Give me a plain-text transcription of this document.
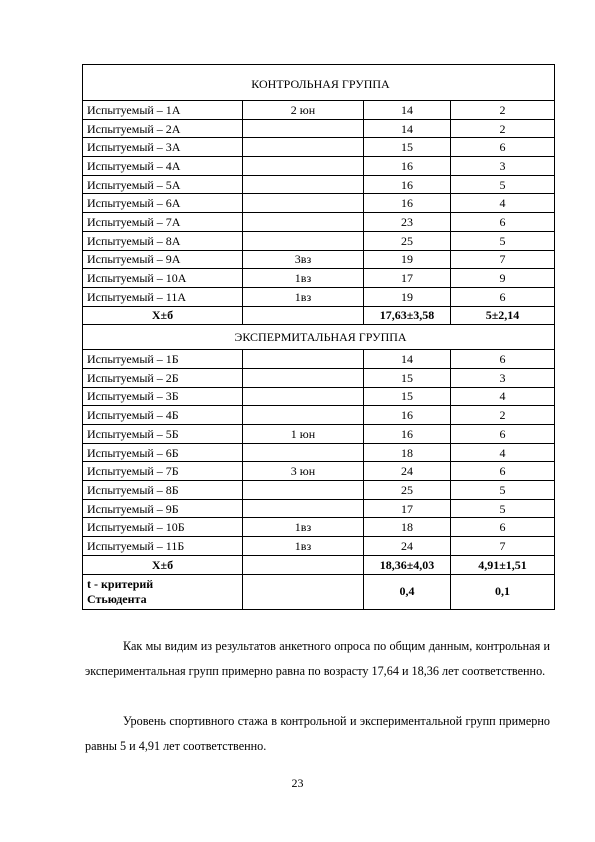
КОНТРОЛЬНАЯ ГРУППА			
Испытуемый – 1А	2 юн	14	2
Испытуемый – 2А		14	2
Испытуемый – 3А		15	6
Испытуемый – 4А		16	3
Испытуемый – 5А		16	5
Испытуемый – 6А		16	4
Испытуемый – 7А		23	6
Испытуемый – 8А		25	5
Испытуемый – 9А	3вз	19	7
Испытуемый – 10А	1вз	17	9
Испытуемый – 11А	1вз	19	6
X±б		17,63±3,58	5±2,14
ЭКСПЕРМИТАЛЬНАЯ ГРУППА			
Испытуемый – 1Б		14	6
Испытуемый – 2Б		15	3
Испытуемый – 3Б		15	4
Испытуемый – 4Б		16	2
Испытуемый – 5Б	1 юн	16	6
Испытуемый – 6Б		18	4
Испытуемый – 7Б	3 юн	24	6
Испытуемый – 8Б		25	5
Испытуемый – 9Б		17	5
Испытуемый – 10Б	1вз	18	6
Испытуемый – 11Б	1вз	24	7
X±б		18,36±4,03	4,91±1,51

t - критерий
Стьюдента		0,4	0,1

Как мы видим из результатов анкетного опроса по общим данным, контрольная и экспериментальная групп примерно равна по возрасту 17,64 и 18,36 лет соответственно.

Уровень спортивного стажа в контрольной и экспериментальной групп примерно равны 5 и 4,91 лет соответственно.

23
